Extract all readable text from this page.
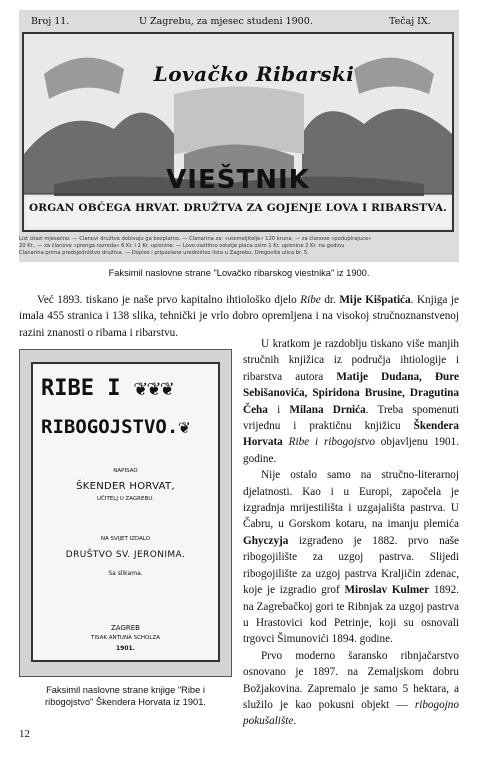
Broj 11.	U Zagrebu, za mjesec studeni 1900.	Tečaj IX.
Lovačko Ribarski
VIEŠTNIK
ORGAN OBĆEGA HRVAT. DRUŽTVA ZA GOJENJE LOVA I RIBARSTVA.
List izlazi mjesečno. — Članovi družtva dobivaju ga bezplatno. — Članarina za: »utemeljitelje« 120 kruna, — za članove »podupirajuće«
20 Kr., — za članove »prenga razreda« 6 Kr. i 2 Kr. upisnine. — Lovo-zaštitno ostatje plaća osim 1 Kr. upisnine 2 Kr. na godinu
Članarina prima predsjedništvo družtva. — Dopise i priposlane uredništvo lista u Zagrebu, Dregovitá ulica br. 5.
Faksimil naslovne strane "Lovačko ribarskog viestnika" iz 1900.
Već 1893. tiskano je naše prvo kapitalno ihtiološko djelo Ribe dr. Mije Kišpatića. Knjiga je imala 455 stranica i 138 slika, tehnički je vrlo dobro opremljena i na visokoj stručnoznanstvenoj razini znanosti o ribama i ribarstvu.
RIBE I ❦❦❦
RIBOGOJSTVO.❦
NAPISAO
ŠKENDER HORVAT,
UČITELJ U ZAGREBU.
NA SVIJET IZDALO
DRUŠTVO SV. JERONIMA.
Sa slikama.
ZAGREB
TISAK ANTUNA SCHOLZA
1901.
Faksimil naslovne strane knjige "Ribe i
ribogojstvo" Škendera Horvata iz 1901.

U kratkom je razdoblju tiskano više manjih stručnih knjižica iz područja ihtiologije i ribarstva autora Matije Dudana, Đure Sebišanovića, Spiridona Brusine, Dragutina Čeha i Milana Drnića. Treba spomenuti vrijednu i praktičnu knjižicu Škendera Horvata Ribe i ribogojstvo objavljenu 1901. godine.

Nije ostalo samo na stručno-literarnoj djelatnosti. Kao i u Europi, započela je izgradnja mrijestilišta i uzgajališta pastrva. U Čabru, u Gorskom kotaru, na imanju plemića Ghyczyja izgrađeno je 1882. prvo naše ribogojilište za uzgoj pastrva. Slijedi ribogojilište za uzgoj pastrva Kraljičin zdenac, koje je izgradio grof Miroslav Kulmer 1892. na Zagrebačkoj gori te Ribnjak za uzgoj pastrva u Hrastovici kod Petrinje, koji su osnovali trgovci Šimunovići 1894. godine.

Prvo moderno šaransko ribnjačarstvo osnovano je 1897. na Zemaljskom dobru Božjakovina. Zapremalo je samo 5 hektara, a služilo je kao pokusni objekt — ribogojno pokušalište.

12
